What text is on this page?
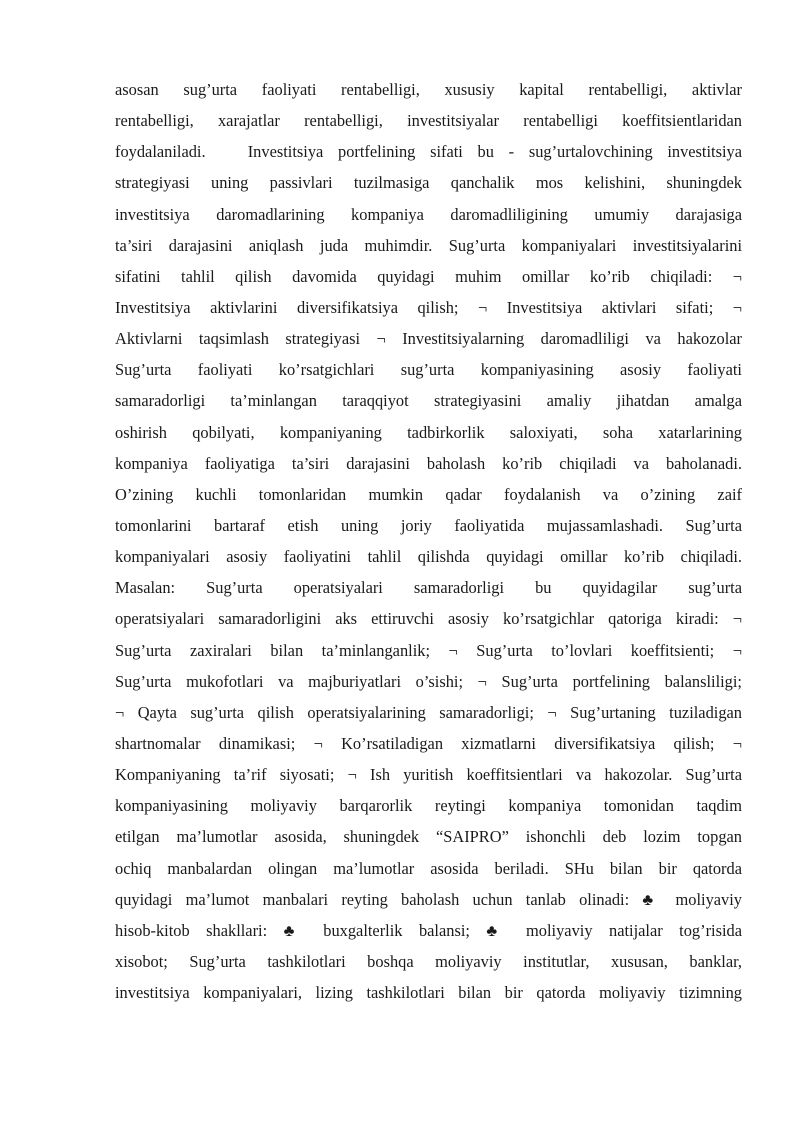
asosan sug’urta faoliyati rentabelligi, xususiy kapital rentabelligi, aktivlar
rentabelligi, xarajatlar rentabelligi, investitsiyalar rentabelligi koeffitsientlaridan
foydalaniladi. Investitsiya portfelining sifati bu - sug’urtalovchining investitsiya
strategiyasi uning passivlari tuzilmasiga qanchalik mos kelishini, shuningdek
investitsiya daromadlarining kompaniya daromadliligining umumiy darajasiga
ta’siri darajasini aniqlash juda muhimdir. Sug’urta kompaniyalari investitsiyalarini
sifatini tahlil qilish davomida quyidagi muhim omillar ko’rib chiqiladi: ¬
Investitsiya aktivlarini diversifikatsiya qilish; ¬ Investitsiya aktivlari sifati; ¬
Aktivlarni taqsimlash strategiyasi ¬ Investitsiyalarning daromadliligi va hakozolar
Sug’urta faoliyati ko’rsatgichlari sug’urta kompaniyasining asosiy faoliyati
samaradorligi ta’minlangan taraqqiyot strategiyasini amaliy jihatdan amalga
oshirish qobilyati, kompaniyaning tadbirkorlik saloxiyati, soha xatarlarining
kompaniya faoliyatiga ta’siri darajasini baholash ko’rib chiqiladi va baholanadi.
O’zining kuchli tomonlaridan mumkin qadar foydalanish va o’zining zaif
tomonlarini bartaraf etish uning joriy faoliyatida mujassamlashadi. Sug’urta
kompaniyalari asosiy faoliyatini tahlil qilishda quyidagi omillar ko’rib chiqiladi.
Masalan: Sug’urta operatsiyalari samaradorligi bu quyidagilar sug’urta
operatsiyalari samaradorligini aks ettiruvchi asosiy ko’rsatgichlar qatoriga kiradi: ¬
Sug’urta zaxiralari bilan ta’minlanganlik; ¬ Sug’urta to’lovlari koeffitsienti; ¬
Sug’urta mukofotlari va majburiyatlari o’sishi; ¬ Sug’urta portfelining balansliligi;
¬ Qayta sug’urta qilish operatsiyalarining samaradorligi; ¬ Sug’urtaning tuziladigan
shartnomalar dinamikasi; ¬ Ko’rsatiladigan xizmatlarni diversifikatsiya qilish; ¬
Kompaniyaning ta’rif siyosati; ¬ Ish yuritish koeffitsientlari va hakozolar. Sug’urta
kompaniyasining moliyaviy barqarorlik reytingi kompaniya tomonidan taqdim
etilgan ma’lumotlar asosida, shuningdek “SAIPRO” ishonchli deb lozim topgan
ochiq manbalardan olingan ma’lumotlar asosida beriladi. SHu bilan bir qatorda
quyidagi ma’lumot manbalari reyting baholash uchun tanlab olinadi: ♣ moliyaviy
hisob-kitob shakllari: ♣ buxgalterlik balansi; ♣ moliyaviy natijalar tog’risida
xisobot; Sug’urta tashkilotlari boshqa moliyaviy institutlar, xususan, banklar,
investitsiya kompaniyalari, lizing tashkilotlari bilan bir qatorda moliyaviy tizimning
